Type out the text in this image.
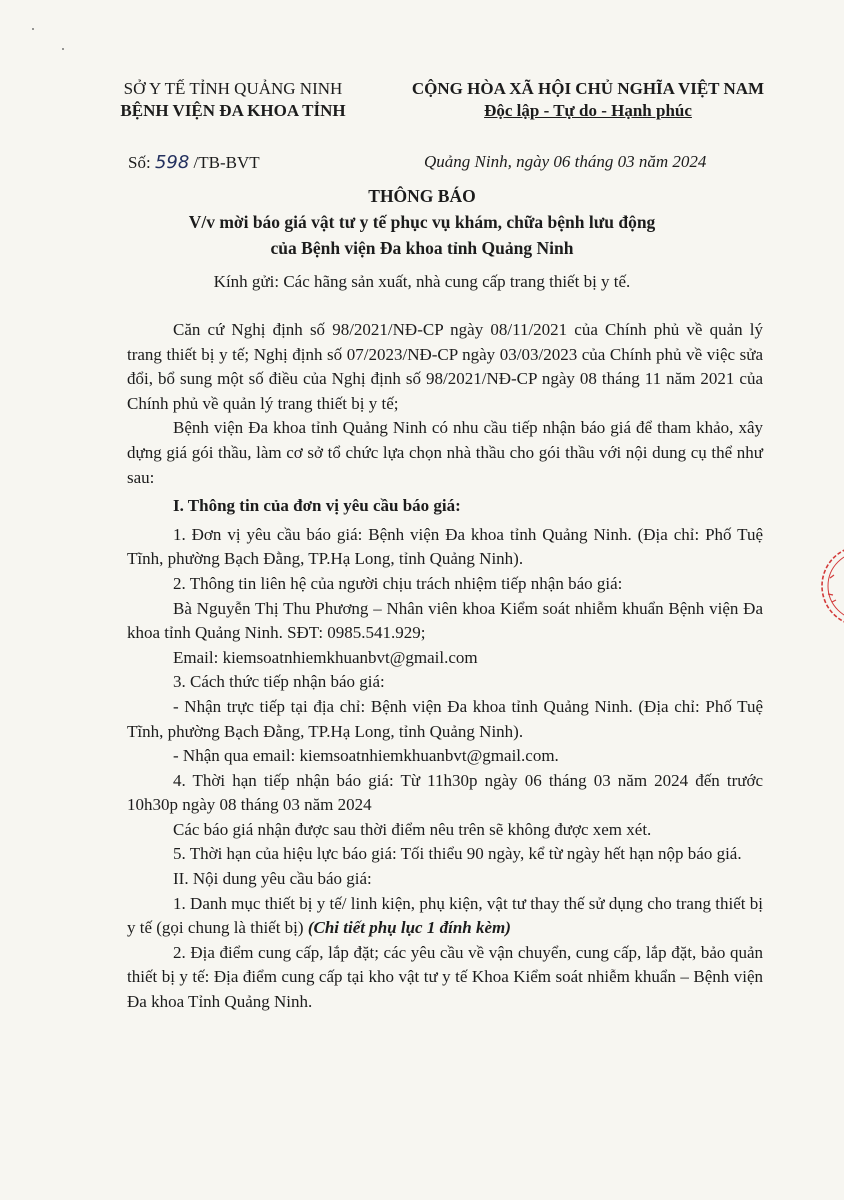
SỞ Y TẾ TỈNH QUẢNG NINH
BỆNH VIỆN ĐA KHOA TỈNH
CỘNG HÒA XÃ HỘI CHỦ NGHĨA VIỆT NAM
Độc lập - Tự do - Hạnh phúc
Số: 598 /TB-BVT	Quảng Ninh, ngày 06 tháng 03 năm 2024
THÔNG BÁO
V/v mời báo giá vật tư y tế phục vụ khám, chữa bệnh lưu động
của Bệnh viện Đa khoa tỉnh Quảng Ninh
Kính gửi: Các hãng sản xuất, nhà cung cấp trang thiết bị y tế.

Căn cứ Nghị định số 98/2021/NĐ-CP ngày 08/11/2021 của Chính phủ về quản lý trang thiết bị y tế; Nghị định số 07/2023/NĐ-CP ngày 03/03/2023 của Chính phủ về việc sửa đổi, bổ sung một số điều của Nghị định số 98/2021/NĐ-CP ngày 08 tháng 11 năm 2021 của Chính phủ về quản lý trang thiết bị y tế;

Bệnh viện Đa khoa tỉnh Quảng Ninh có nhu cầu tiếp nhận báo giá để tham khảo, xây dựng giá gói thầu, làm cơ sở tổ chức lựa chọn nhà thầu cho gói thầu với nội dung cụ thể như sau:

I. Thông tin của đơn vị yêu cầu báo giá:

1. Đơn vị yêu cầu báo giá: Bệnh viện Đa khoa tỉnh Quảng Ninh. (Địa chỉ: Phố Tuệ Tĩnh, phường Bạch Đằng, TP.Hạ Long, tỉnh Quảng Ninh).

2. Thông tin liên hệ của người chịu trách nhiệm tiếp nhận báo giá:

Bà Nguyễn Thị Thu Phương – Nhân viên khoa Kiểm soát nhiễm khuẩn Bệnh viện Đa khoa tỉnh Quảng Ninh. SĐT: 0985.541.929;

Email: kiemsoatnhiemkhuanbvt@gmail.com

3. Cách thức tiếp nhận báo giá:

- Nhận trực tiếp tại địa chỉ: Bệnh viện Đa khoa tỉnh Quảng Ninh. (Địa chỉ: Phố Tuệ Tĩnh, phường Bạch Đằng, TP.Hạ Long, tỉnh Quảng Ninh).

- Nhận qua email: kiemsoatnhiemkhuanbvt@gmail.com.

4. Thời hạn tiếp nhận báo giá: Từ 11h30p ngày 06 tháng 03 năm 2024 đến trước 10h30p ngày 08 tháng 03 năm 2024

Các báo giá nhận được sau thời điểm nêu trên sẽ không được xem xét.

5. Thời hạn của hiệu lực báo giá: Tối thiểu 90 ngày, kể từ ngày hết hạn nộp báo giá.

II. Nội dung yêu cầu báo giá:

1. Danh mục thiết bị y tế/ linh kiện, phụ kiện, vật tư thay thế sử dụng cho trang thiết bị y tế (gọi chung là thiết bị) (Chi tiết phụ lục 1 đính kèm)

2. Địa điểm cung cấp, lắp đặt; các yêu cầu về vận chuyển, cung cấp, lắp đặt, bảo quản thiết bị y tế: Địa điểm cung cấp tại kho vật tư y tế Khoa Kiểm soát nhiễm khuẩn – Bệnh viện Đa khoa Tỉnh Quảng Ninh.
